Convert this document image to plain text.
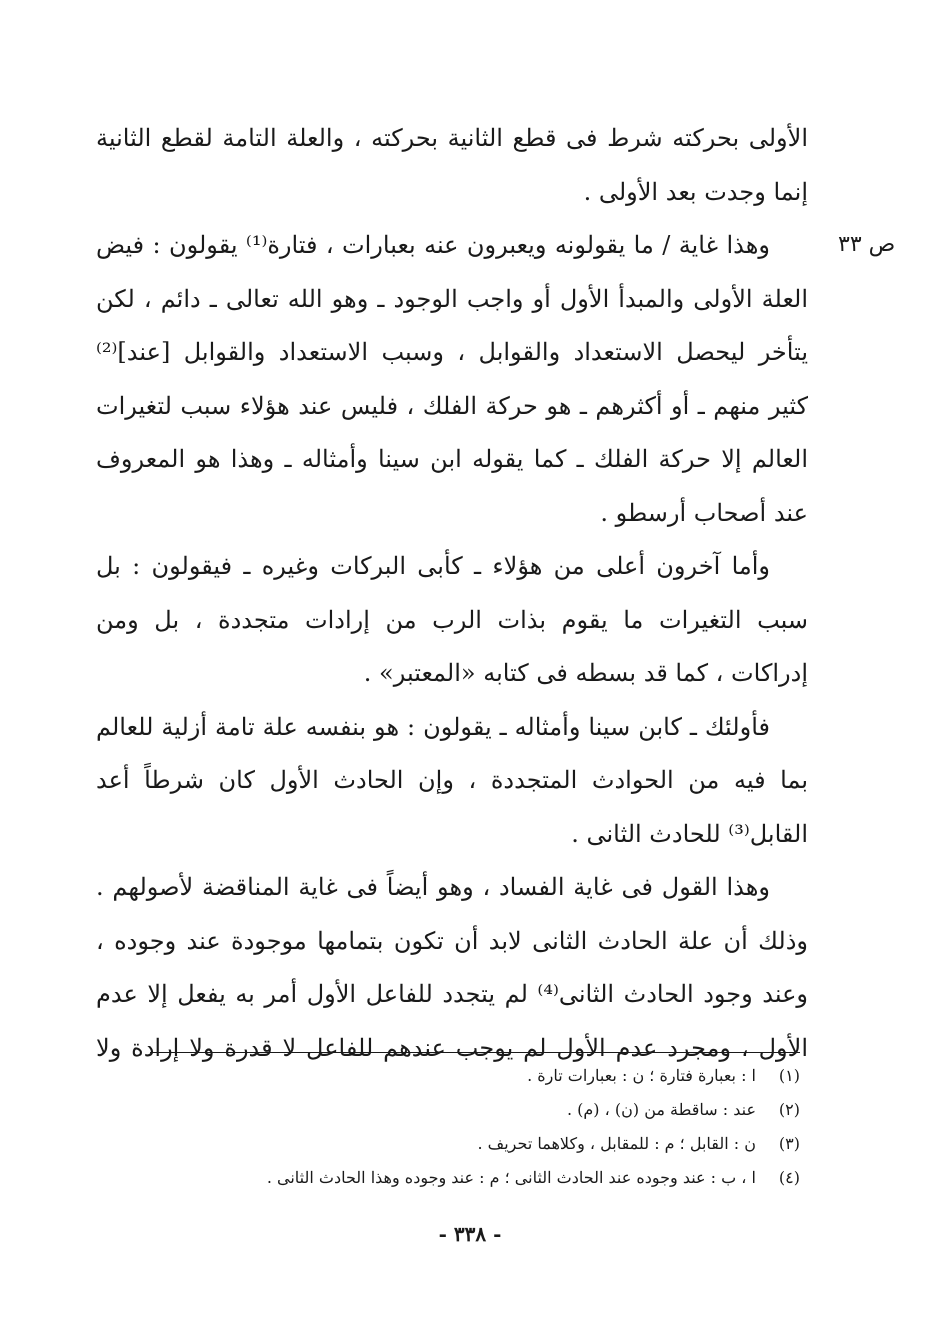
ص ٣٣
الأولى بحركته شرط فى قطع الثانية بحركته ، والعلة التامة لقطع الثانية
إنما وجدت بعد الأولى .
وهذا غاية / ما يقولونه ويعبرون عنه بعبارات ، فتارة⁽¹⁾ يقولون : فيض
العلة الأولى والمبدأ الأول أو واجب الوجود ـ وهو الله تعالى ـ دائم ، لكن
يتأخر ليحصل الاستعداد والقوابل ، وسبب الاستعداد والقوابل [عند]⁽²⁾
كثير منهم ـ أو أكثرهم ـ هو حركة الفلك ، فليس عند هؤلاء سبب لتغيرات
العالم إلا حركة الفلك ـ كما يقوله ابن سينا وأمثاله ـ وهذا هو المعروف
عند أصحاب أرسطو .
وأما آخرون أعلى من هؤلاء ـ كأبى البركات وغيره ـ فيقولون : بل
سبب التغيرات ما يقوم بذات الرب من إرادات متجددة ، بل ومن
إدراكات ، كما قد بسطه فى كتابه «المعتبر» .
فأولئك ـ كابن سينا وأمثاله ـ يقولون : هو بنفسه علة تامة أزلية للعالم
بما فيه من الحوادث المتجددة ، وإن الحادث الأول كان شرطاً أعد
القابل⁽³⁾ للحادث الثانى .
وهذا القول فى غاية الفساد ، وهو أيضاً فى غاية المناقضة لأصولهم .
وذلك أن علة الحادث الثانى لابد أن تكون بتمامها موجودة عند وجوده ،
وعند وجود الحادث الثانى⁽⁴⁾ لم يتجدد للفاعل الأول أمر به يفعل إلا عدم
الأول ، ومجرد عدم الأول لم يوجب عندهم للفاعل لا قدرة ولا إرادة ولا
(١)
ا : بعبارة فتارة ؛ ن : بعبارات تارة .
(٢)
عند : ساقطة من (ن) ، (م) .
(٣)
ن : القابل ؛ م : للمقابل ، وكلاهما تحريف .
(٤)
ا ، ب : عند وجوده عند الحادث الثانى ؛ م : عند وجوده وهذا الحادث الثانى .
- ٣٣٨ -
